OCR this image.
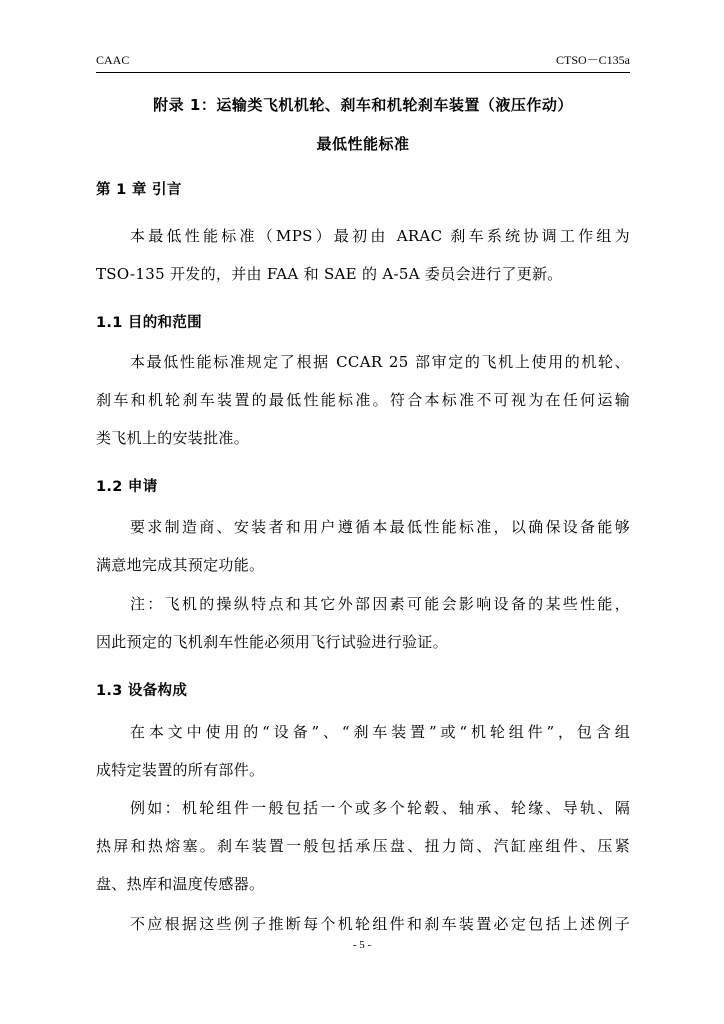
CAAC	CTSO－C135a
附录 1：运输类飞机机轮、刹车和机轮刹车装置（液压作动）
最低性能标准
第 1 章 引言
本最低性能标准（MPS）最初由 ARAC 刹车系统协调工作组为
TSO-135 开发的，并由 FAA 和 SAE 的 A-5A 委员会进行了更新。
1.1 目的和范围
本最低性能标准规定了根据 CCAR 25 部审定的飞机上使用的机轮、
刹车和机轮刹车装置的最低性能标准。符合本标准不可视为在任何运输
类飞机上的安装批准。
1.2 申请
要求制造商、安装者和用户遵循本最低性能标准，以确保设备能够
满意地完成其预定功能。
注：飞机的操纵特点和其它外部因素可能会影响设备的某些性能，
因此预定的飞机刹车性能必须用飞行试验进行验证。
1.3 设备构成
在本文中使用的“设备”、“刹车装置”或“机轮组件”，包含组
成特定装置的所有部件。
例如：机轮组件一般包括一个或多个轮毂、轴承、轮缘、导轨、隔
热屏和热熔塞。刹车装置一般包括承压盘、扭力筒、汽缸座组件、压紧
盘、热库和温度传感器。
不应根据这些例子推断每个机轮组件和刹车装置必定包括上述例子
- 5 -
